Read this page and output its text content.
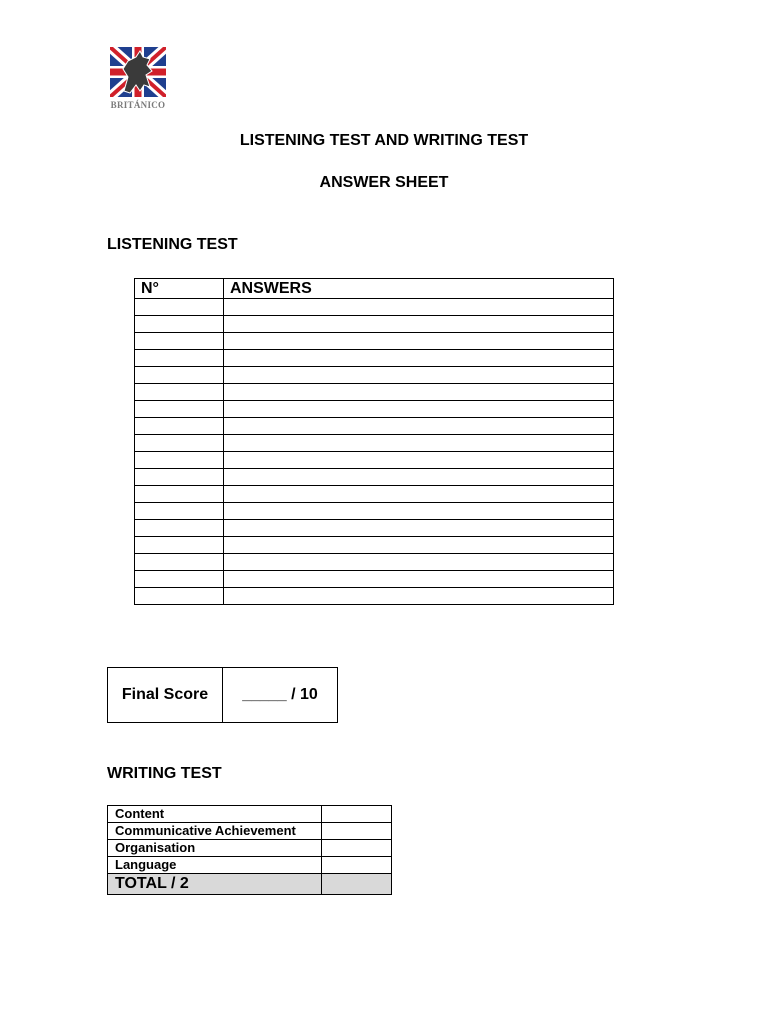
BRITÁNICO
LISTENING TEST AND WRITING TEST
ANSWER SHEET
LISTENING TEST
N°	ANSWERS

Final Score	_____ / 10
WRITING TEST
Content	
Communicative Achievement	
Organisation	
Language	
TOTAL / 2	
